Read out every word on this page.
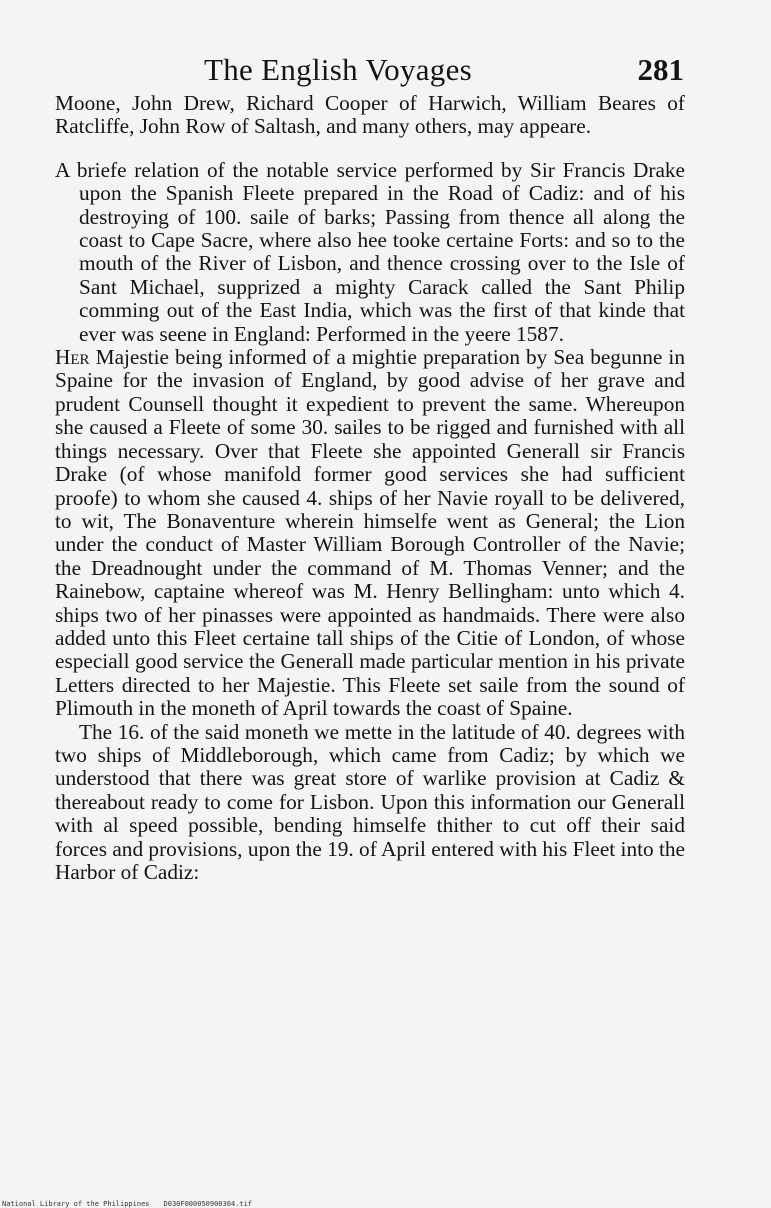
The English Voyages	281

Moone, John Drew, Richard Cooper of Harwich, William Beares of Ratcliffe, John Row of Saltash, and many others, may appeare.

A briefe relation of the notable service performed by Sir Francis Drake upon the Spanish Fleete prepared in the Road of Cadiz: and of his destroying of 100. saile of barks; Passing from thence all along the coast to Cape Sacre, where also hee tooke certaine Forts: and so to the mouth of the River of Lisbon, and thence crossing over to the Isle of Sant Michael, supprized a mighty Carack called the Sant Philip comming out of the East India, which was the first of that kinde that ever was seene in England: Performed in the yeere 1587.

Her Majestie being informed of a mightie preparation by Sea begunne in Spaine for the invasion of England, by good advise of her grave and prudent Counsell thought it expedient to prevent the same. Whereupon she caused a Fleete of some 30. sailes to be rigged and furnished with all things necessary. Over that Fleete she appointed Generall sir Francis Drake (of whose manifold former good services she had sufficient proofe) to whom she caused 4. ships of her Navie royall to be delivered, to wit, The Bonaventure wherein himselfe went as General; the Lion under the conduct of Master William Borough Controller of the Navie; the Dreadnought under the command of M. Thomas Venner; and the Rainebow, captaine whereof was M. Henry Bellingham: unto which 4. ships two of her pinasses were appointed as handmaids. There were also added unto this Fleet certaine tall ships of the Citie of London, of whose especiall good service the Generall made particular mention in his private Letters directed to her Majestie. This Fleete set saile from the sound of Plimouth in the moneth of April towards the coast of Spaine.

The 16. of the said moneth we mette in the latitude of 40. degrees with two ships of Middleborough, which came from Cadiz; by which we understood that there was great store of warlike provision at Cadiz & thereabout ready to come for Lisbon. Upon this information our Generall with al speed possible, bending himselfe thither to cut off their said forces and provisions, upon the 19. of April entered with his Fleet into the Harbor of Cadiz:

National Library of the Philippines D030F000050900304.tif
